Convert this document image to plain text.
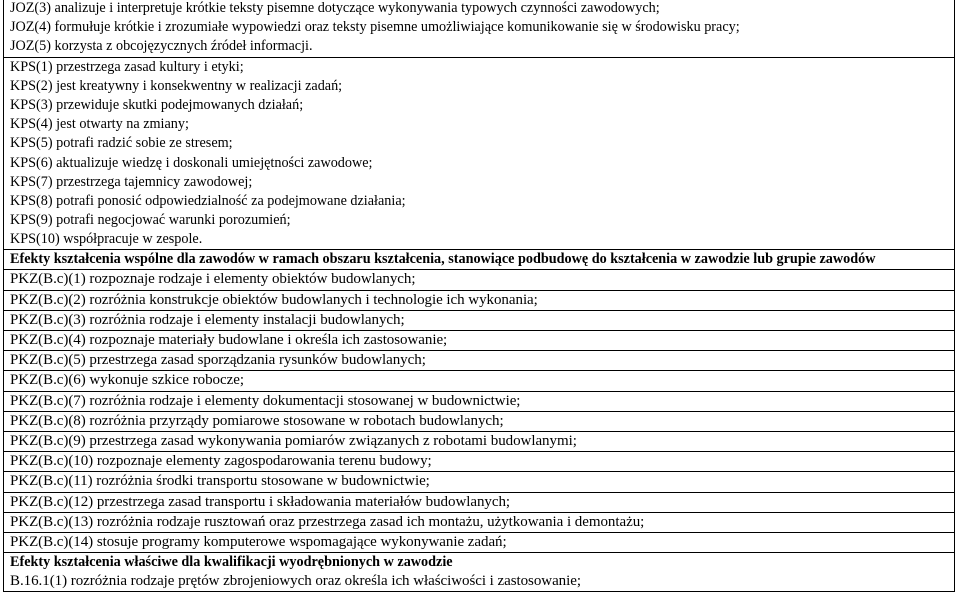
JOZ(3) analizuje i interpretuje krótkie teksty pisemne dotyczące wykonywania typowych czynności zawodowych;
JOZ(4) formułuje krótkie i zrozumiałe wypowiedzi oraz teksty pisemne umożliwiające komunikowanie się w środowisku pracy;
JOZ(5) korzysta z obcojęzycznych źródeł informacji.

KPS(1) przestrzega zasad kultury i etyki;
KPS(2) jest kreatywny i konsekwentny w realizacji zadań;
KPS(3) przewiduje skutki podejmowanych działań;
KPS(4) jest otwarty na zmiany;
KPS(5) potrafi radzić sobie ze stresem;
KPS(6) aktualizuje wiedzę i doskonali umiejętności zawodowe;
KPS(7) przestrzega tajemnicy zawodowej;
KPS(8) potrafi ponosić odpowiedzialność za podejmowane działania;
KPS(9) potrafi negocjować warunki porozumień;
KPS(10) współpracuje w zespole.

Efekty kształcenia wspólne dla zawodów w ramach obszaru kształcenia, stanowiące podbudowę do kształcenia w zawodzie lub grupie zawodów

PKZ(B.c)(1) rozpoznaje rodzaje i elementy obiektów budowlanych;

PKZ(B.c)(2) rozróżnia konstrukcje obiektów budowlanych i technologie ich wykonania;

PKZ(B.c)(3) rozróżnia rodzaje i elementy instalacji budowlanych;

PKZ(B.c)(4) rozpoznaje materiały budowlane i określa ich zastosowanie;

PKZ(B.c)(5) przestrzega zasad sporządzania rysunków budowlanych;

PKZ(B.c)(6) wykonuje szkice robocze;

PKZ(B.c)(7) rozróżnia rodzaje i elementy dokumentacji stosowanej w budownictwie;

PKZ(B.c)(8) rozróżnia przyrządy pomiarowe stosowane w robotach budowlanych;

PKZ(B.c)(9) przestrzega zasad wykonywania pomiarów związanych z robotami budowlanymi;

PKZ(B.c)(10) rozpoznaje elementy zagospodarowania terenu budowy;

PKZ(B.c)(11) rozróżnia środki transportu stosowane w budownictwie;

PKZ(B.c)(12) przestrzega zasad transportu i składowania materiałów budowlanych;

PKZ(B.c)(13) rozróżnia rodzaje rusztowań oraz przestrzega zasad ich montażu, użytkowania i demontażu;

PKZ(B.c)(14) stosuje programy komputerowe wspomagające wykonywanie zadań;

Efekty kształcenia właściwe dla kwalifikacji wyodrębnionych w zawodzie
B.16.1(1) rozróżnia rodzaje prętów zbrojeniowych oraz określa ich właściwości i zastosowanie;
